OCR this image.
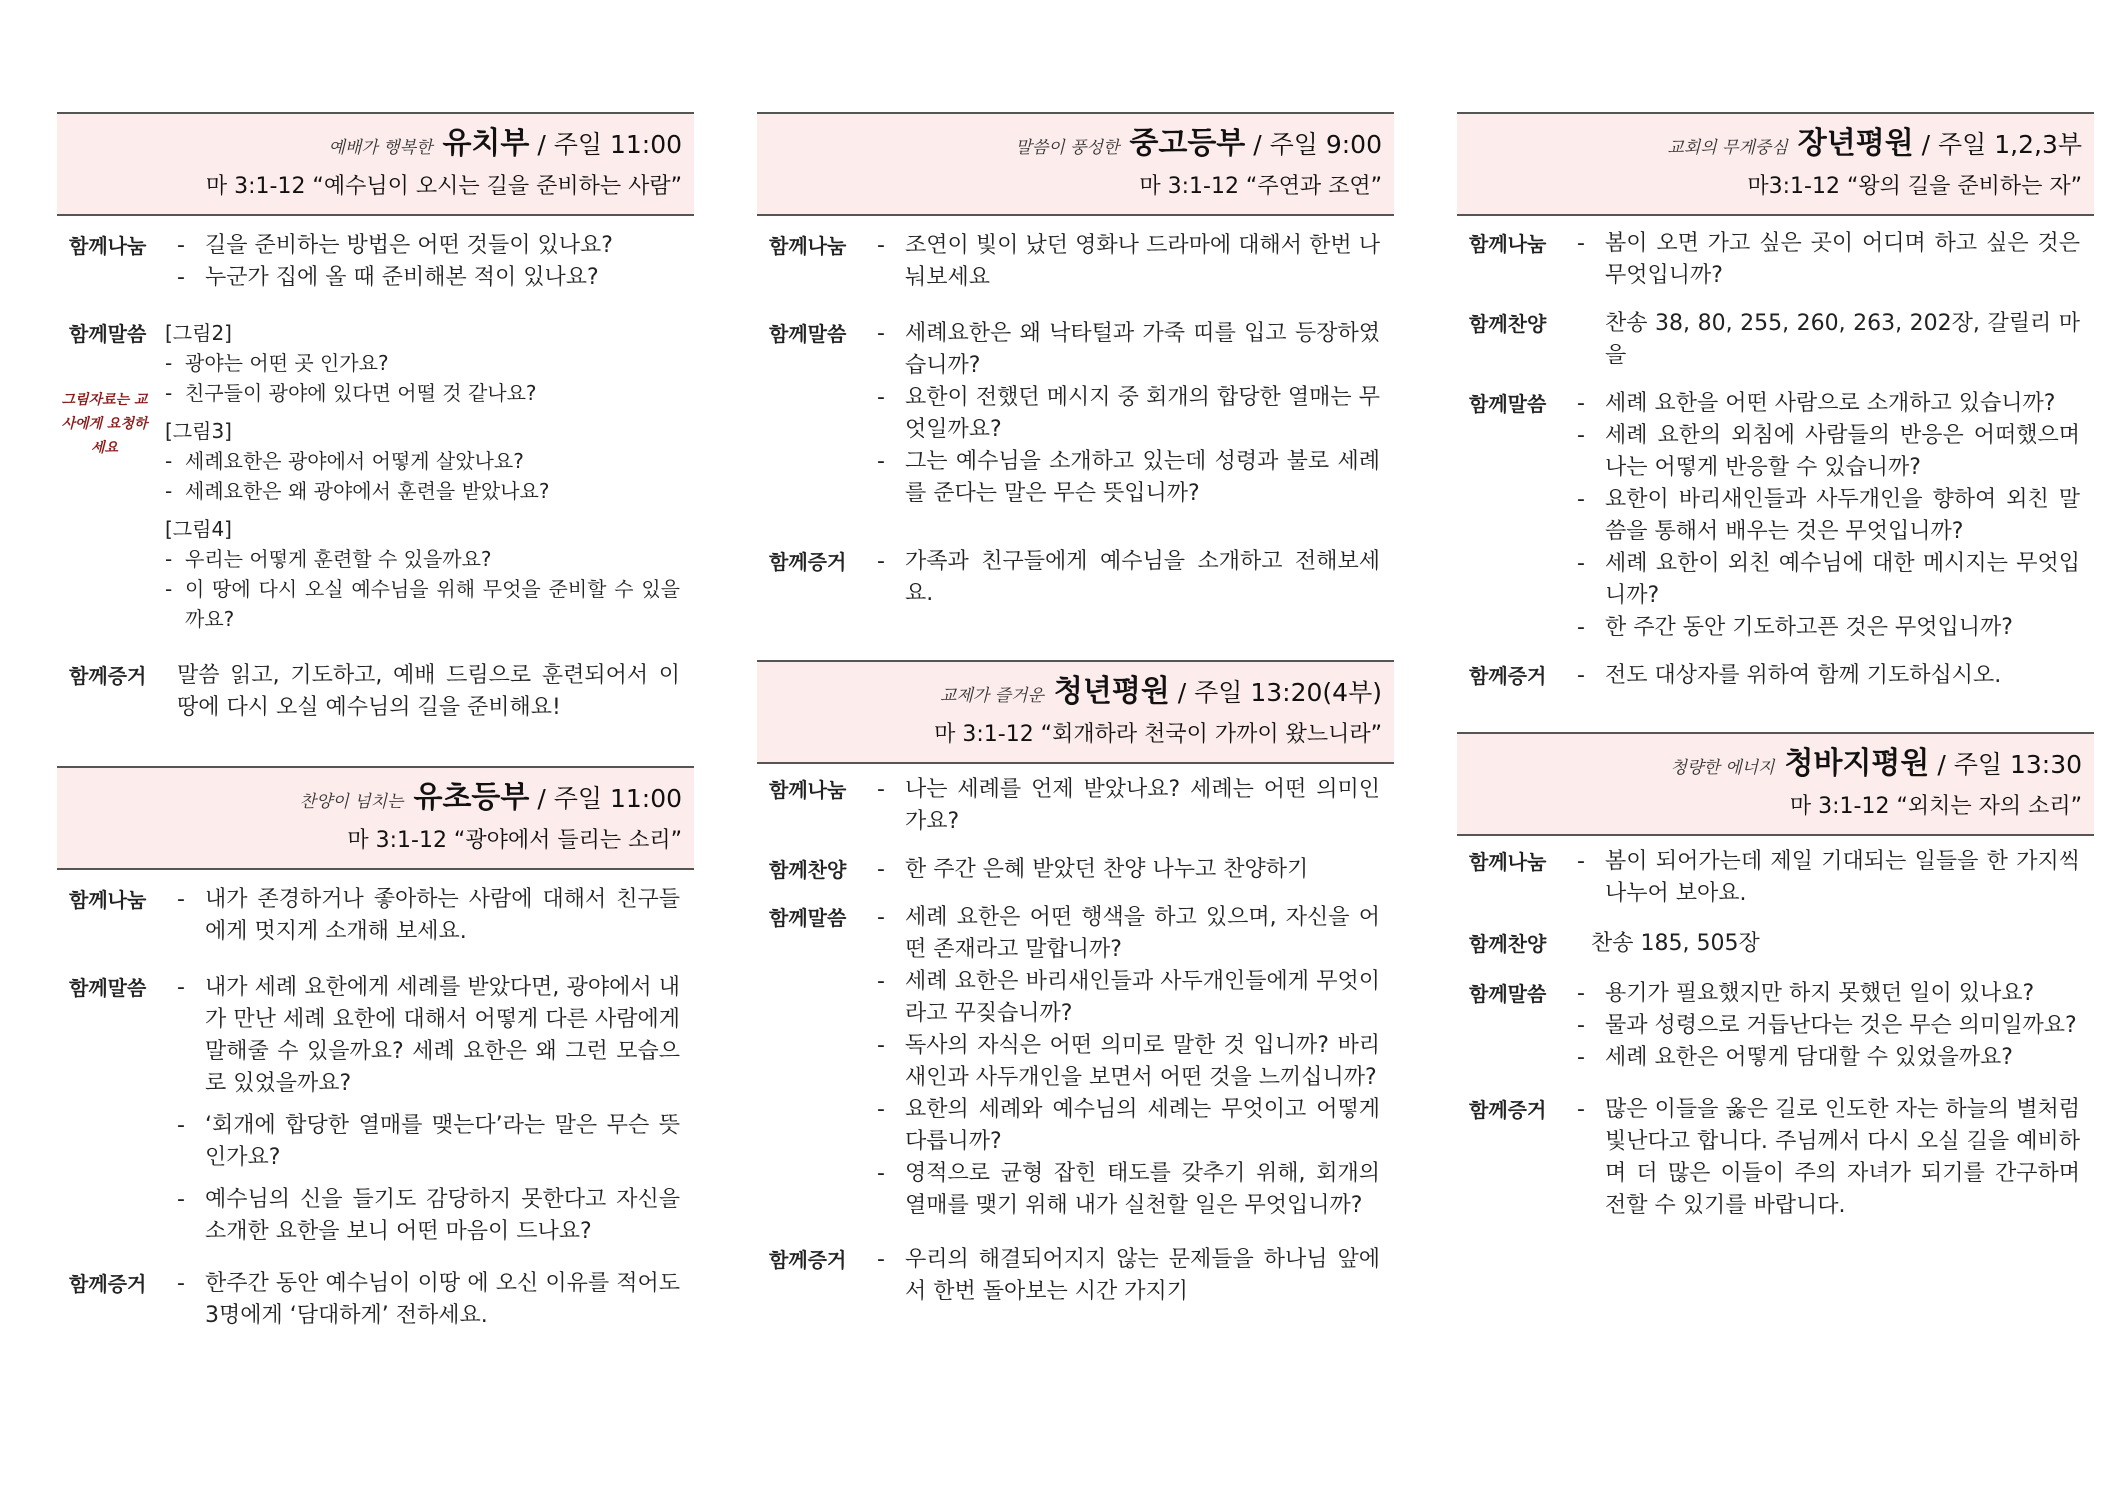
예배가 행복한 유치부 / 주일 11:00
마 3:1-12 “예수님이 오시는 길을 준비하는 사람”
함께나눔	- 길을 준비하는 방법은 어떤 것들이 있나요?
- 누군가 집에 올 때 준비해본 적이 있나요?
함께말씀
그림자료는 교사에게 요청하세요
[그림2]
- 광야는 어떤 곳 인가요?
- 친구들이 광야에 있다면 어떨 것 같나요?
[그림3]
- 세례요한은 광야에서 어떻게 살았나요?
- 세례요한은 왜 광야에서 훈련을 받았나요?
[그림4]
- 우리는 어떻게 훈련할 수 있을까요?
- 이 땅에 다시 오실 예수님을 위해 무엇을 준비할 수 있을까요?
함께증거	말씀 읽고, 기도하고, 예배 드림으로 훈련되어서 이 땅에 다시 오실 예수님의 길을 준비해요!
찬양이 넘치는 유초등부 / 주일 11:00
마 3:1-12 “광야에서 들리는 소리”
함께나눔	- 내가 존경하거나 좋아하는 사람에 대해서 친구들에게 멋지게 소개해 보세요.
함께말씀	- 내가 세례 요한에게 세례를 받았다면, 광야에서 내가 만난 세례 요한에 대해서 어떻게 다른 사람에게 말해줄 수 있을까요? 세례 요한은 왜 그런 모습으로 있었을까요?
- ‘회개에 합당한 열매를 맺는다’라는 말은 무슨 뜻인가요?
- 예수님의 신을 들기도 감당하지 못한다고 자신을 소개한 요한을 보니 어떤 마음이 드나요?
함께증거	- 한주간 동안 예수님이 이땅 에 오신 이유를 적어도 3명에게 ‘담대하게’ 전하세요.
말씀이 풍성한 중고등부 / 주일 9:00
마 3:1-12 “주연과 조연”
함께나눔	- 조연이 빛이 났던 영화나 드라마에 대해서 한번 나눠보세요
함께말씀	- 세례요한은 왜 낙타털과 가죽 띠를 입고 등장하였습니까?
- 요한이 전했던 메시지 중 회개의 합당한 열매는 무엇일까요?
- 그는 예수님을 소개하고 있는데 성령과 불로 세례를 준다는 말은 무슨 뜻입니까?
함께증거	- 가족과 친구들에게 예수님을 소개하고 전해보세요.
교제가 즐거운 청년평원 / 주일 13:20(4부)
마 3:1-12 “회개하라 천국이 가까이 왔느니라”
함께나눔	- 나는 세례를 언제 받았나요? 세례는 어떤 의미인가요?
함께찬양	- 한 주간 은혜 받았던 찬양 나누고 찬양하기
함께말씀	- 세례 요한은 어떤 행색을 하고 있으며, 자신을 어떤 존재라고 말합니까?
- 세례 요한은 바리새인들과 사두개인들에게 무엇이라고 꾸짖습니까?
- 독사의 자식은 어떤 의미로 말한 것 입니까? 바리새인과 사두개인을 보면서 어떤 것을 느끼십니까?
- 요한의 세례와 예수님의 세례는 무엇이고 어떻게 다릅니까?
- 영적으로 균형 잡힌 태도를 갖추기 위해, 회개의 열매를 맺기 위해 내가 실천할 일은 무엇입니까?
함께증거	- 우리의 해결되어지지 않는 문제들을 하나님 앞에서 한번 돌아보는 시간 가지기
교회의 무게중심 장년평원 / 주일 1,2,3부
마3:1-12 “왕의 길을 준비하는 자”
함께나눔	- 봄이 오면 가고 싶은 곳이 어디며 하고 싶은 것은 무엇입니까?
함께찬양	찬송 38, 80, 255, 260, 263, 202장, 갈릴리 마을
함께말씀	- 세례 요한을 어떤 사람으로 소개하고 있습니까?
- 세례 요한의 외침에 사람들의 반응은 어떠했으며 나는 어떻게 반응할 수 있습니까?
- 요한이 바리새인들과 사두개인을 향하여 외친 말씀을 통해서 배우는 것은 무엇입니까?
- 세례 요한이 외친 예수님에 대한 메시지는 무엇입니까?
- 한 주간 동안 기도하고픈 것은 무엇입니까?
함께증거	- 전도 대상자를 위하여 함께 기도하십시오.
청량한 에너지 청바지평원 / 주일 13:30
마 3:1-12 “외치는 자의 소리”
함께나눔	- 봄이 되어가는데 제일 기대되는 일들을 한 가지씩 나누어 보아요.
함께찬양	찬송 185, 505장
함께말씀	- 용기가 필요했지만 하지 못했던 일이 있나요?
- 물과 성령으로 거듭난다는 것은 무슨 의미일까요?
- 세례 요한은 어떻게 담대할 수 있었을까요?
함께증거	- 많은 이들을 옳은 길로 인도한 자는 하늘의 별처럼 빛난다고 합니다. 주님께서 다시 오실 길을 예비하며 더 많은 이들이 주의 자녀가 되기를 간구하며 전할 수 있기를 바랍니다.
